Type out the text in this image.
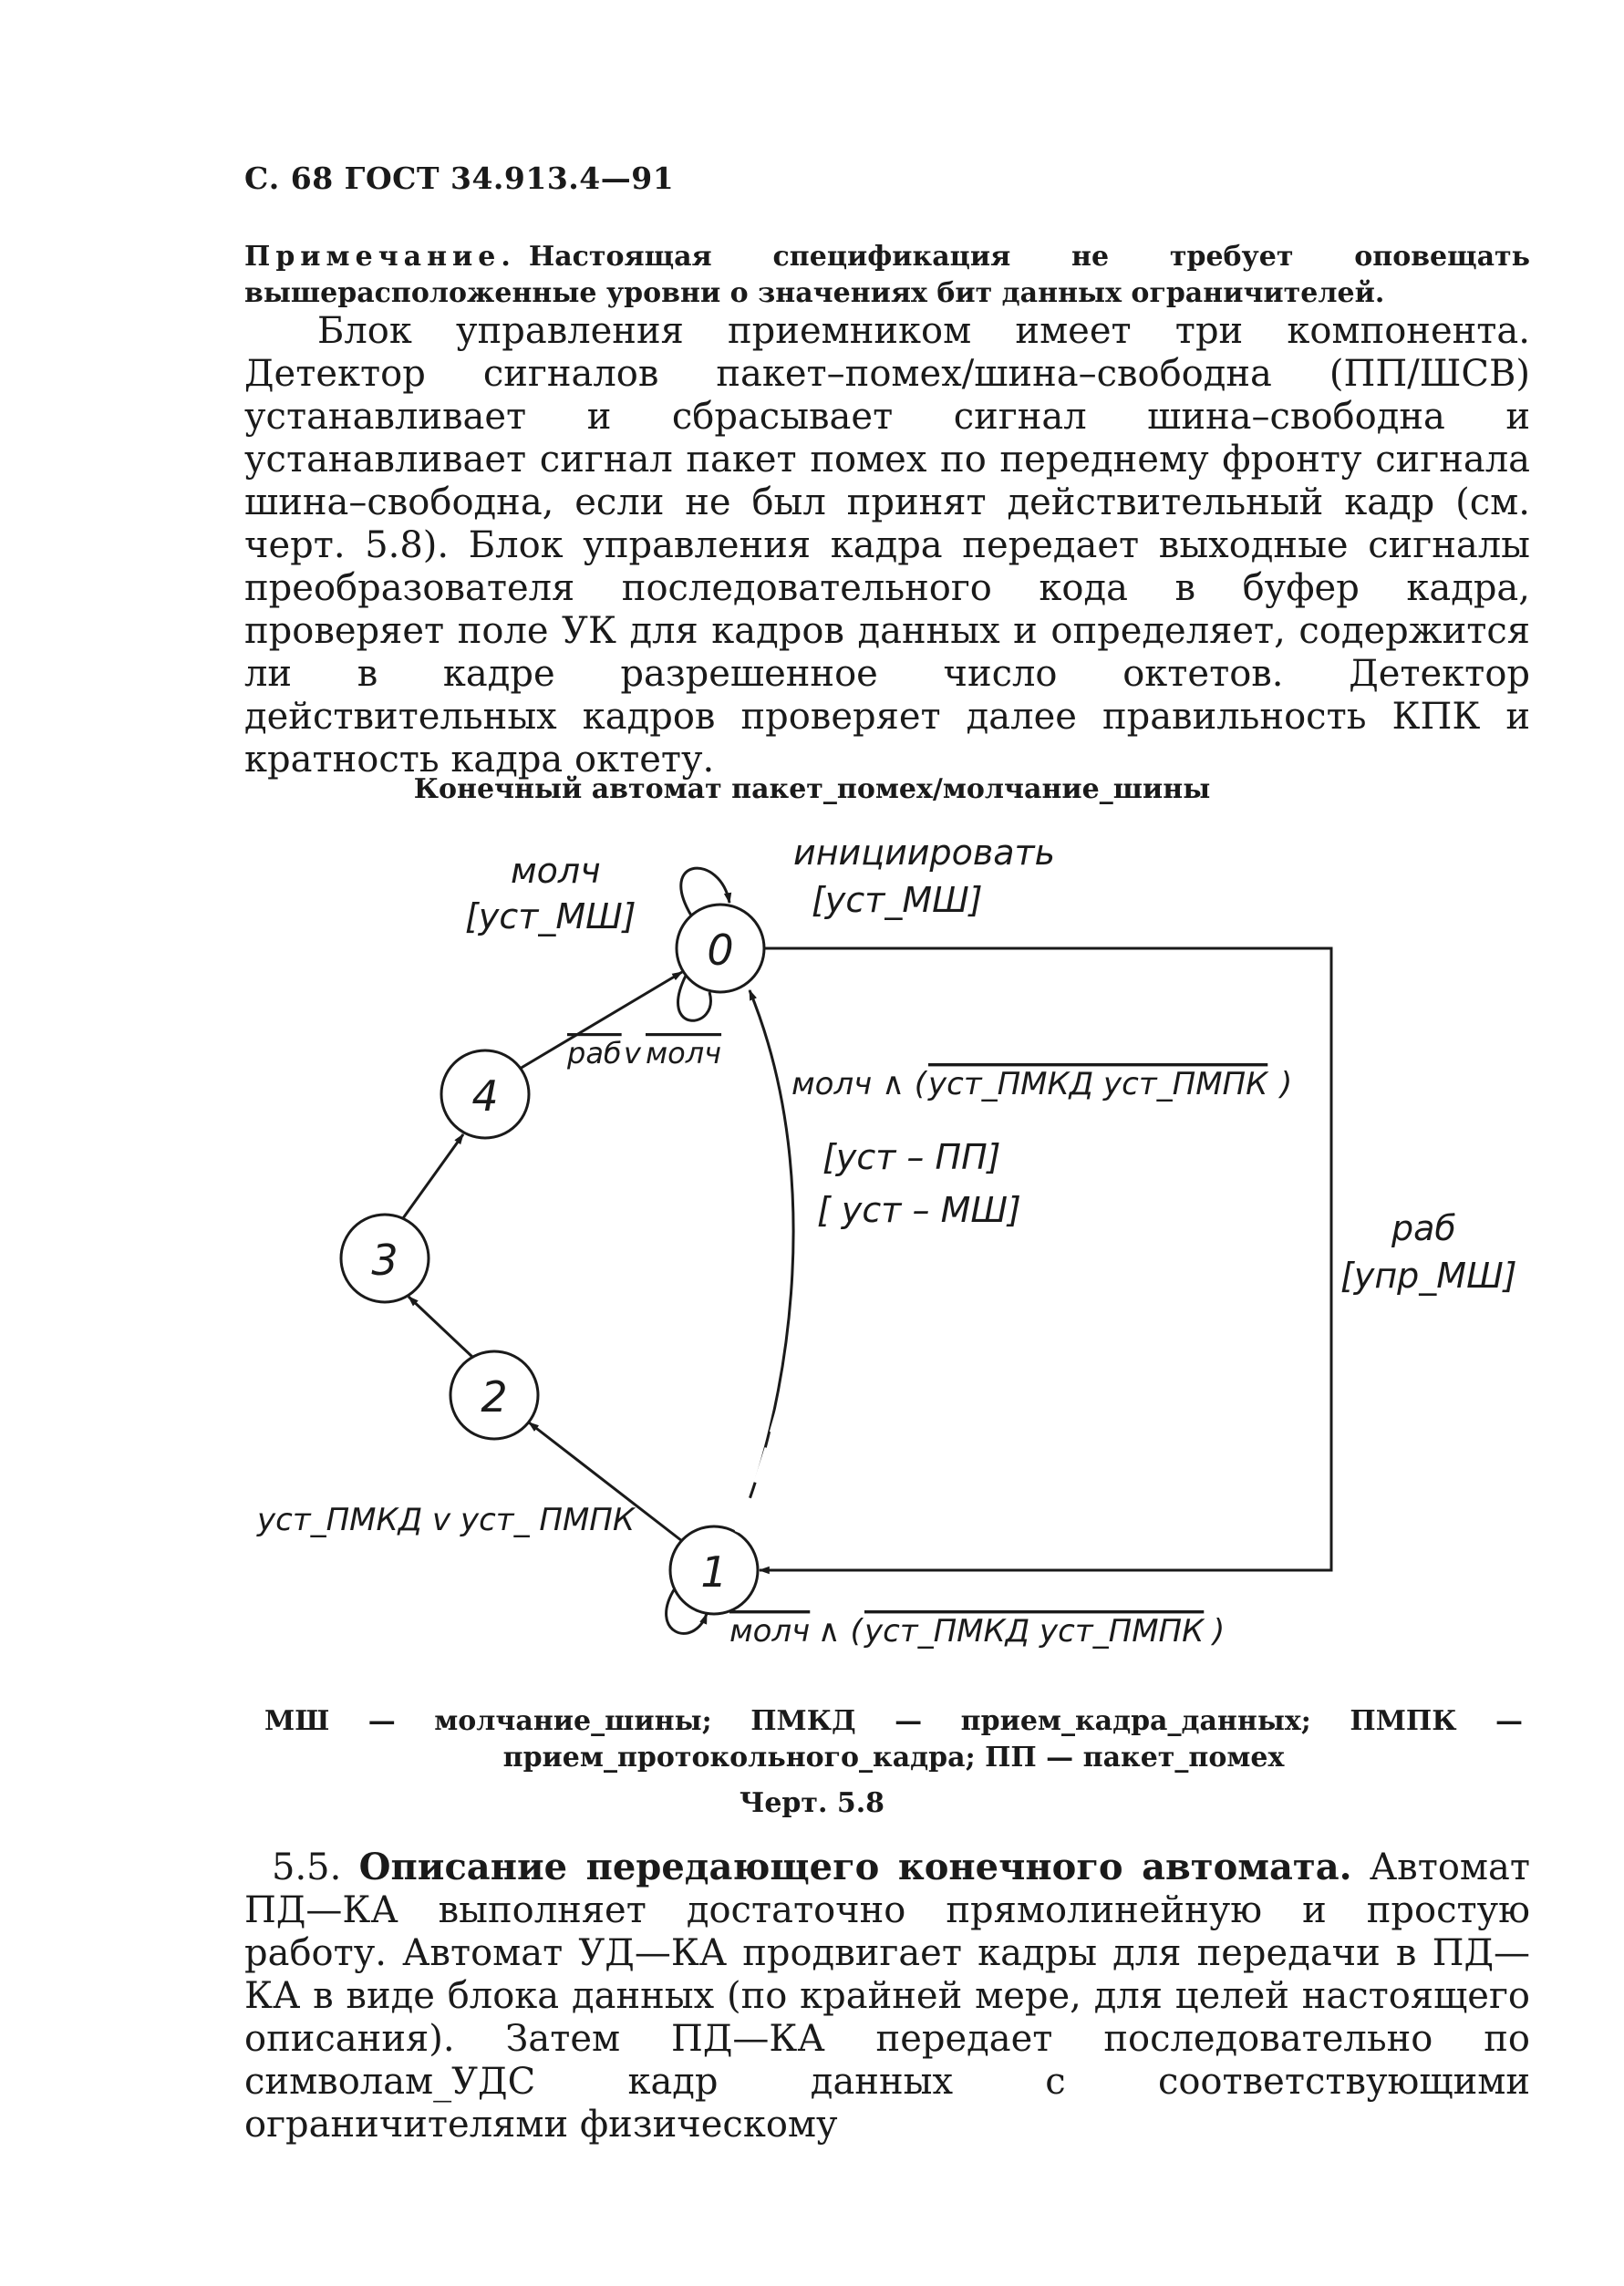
С. 68 ГОСТ 34.913.4—91
Примечание. Настоящая спецификация не требует оповещать вышерасположенные уровни о значениях бит данных ограничителей.
Блок управления приемником имеет три компонента. Детектор сигналов пакет–помех/шина–свободна (ПП/ШСВ) устанавливает и сбрасывает сигнал шина–свободна и устанавливает сигнал пакет помех по переднему фронту сигнала шина–свободна, если не был принят действительный кадр (см. черт. 5.8). Блок управления кадра передает выходные сигналы преобразователя последовательного кода в буфер кадра, проверяет поле УК для кадров данных и определяет, содержится ли в кадре разрешенное число октетов. Детектор действительных кадров проверяет далее правильность КПК и кратность кадра октету.
Конечный автомат пакет_помех/молчание_шины
0
1
2
3
4
молч
[уст_МШ]
инициировать
[уст_МШ]
раб v молч
молч ∧ ( уст_ПМКД уст_ПМПК )
[уст – ПП]
[ уст – МШ]	раб
[упр_МШ]
уст_ПМКД v уст_ ПМПК
молч
∧ ( уст_ПМКД уст_ПМПК )
МШ — молчание_шины; ПМКД — прием_кадра_данных; ПМПК — прием_протокольного_кадра; ПП — пакет_помех
Черт. 5.8
5.5. Описание передающего конечного автомата. Автомат ПД—КА выполняет достаточно прямолинейную и простую работу. Автомат УД—КА продвигает кадры для передачи в ПД—КА в виде блока данных (по крайней мере, для целей настоящего описания). Затем ПД—КА передает последовательно по символам_УДС кадр данных с соответствующими ограничителями физическому
